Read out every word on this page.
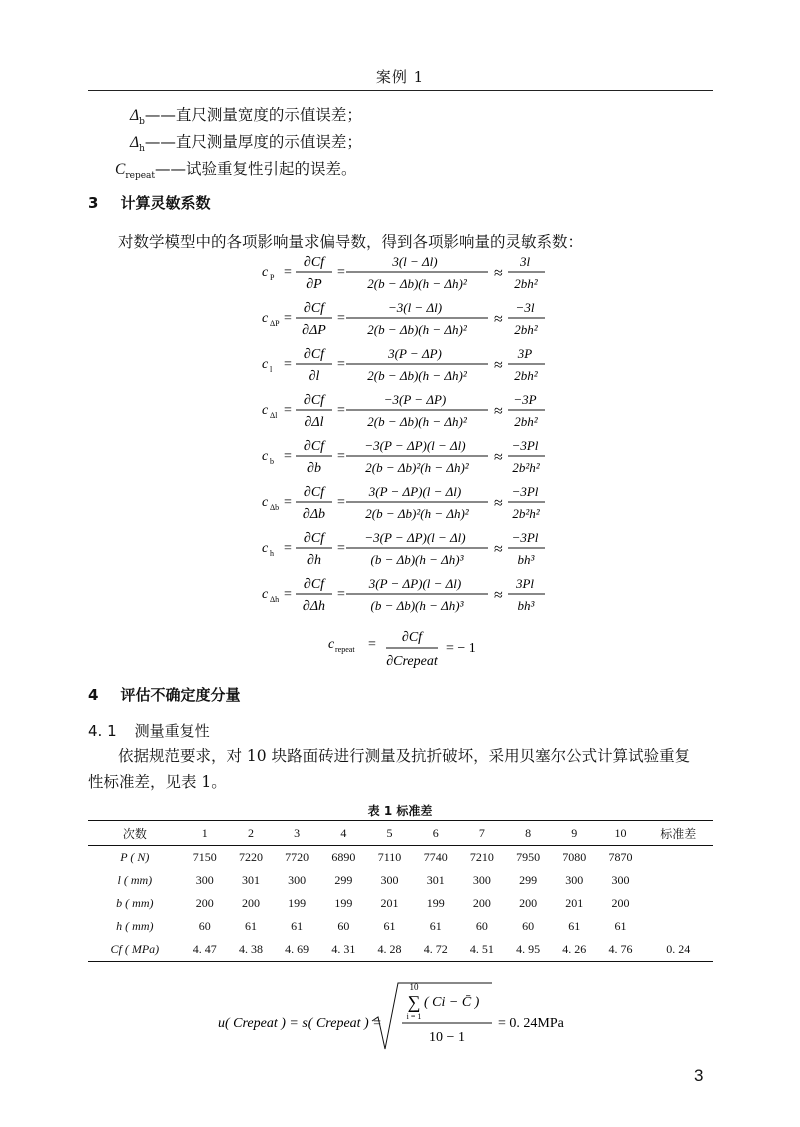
案例 1
$\Delta_b——$直尺测量宽度的示值误差；
$\Delta_h——$直尺测量厚度的示值误差；
$C_{repeat}——$试验重复性引起的误差。
3 计算灵敏系数
对数学模型中的各项影响量求偏导数，得到各项影响量的灵敏系数：
c P =
∂Cf
∂P
=
3(l − Δl)
2(b − Δb)(h − Δh)²
≈
3l
2bh²
c ΔP =
∂Cf
∂ΔP
=
−3(l − Δl)
2(b − Δb)(h − Δh)²
≈
−3l
2bh²
c l =
∂Cf
∂l
=
3(P − ΔP)
2(b − Δb)(h − Δh)²
≈
3P
2bh²
c Δl =
∂Cf
∂Δl
=
−3(P − ΔP)
2(b − Δb)(h − Δh)²
≈
−3P
2bh²
c b =
∂Cf
∂b
=
−3(P − ΔP)(l − Δl)
2(b − Δb)²(h − Δh)²
≈
−3Pl
2b²h²
c Δb =
∂Cf
∂Δb
=
3(P − ΔP)(l − Δl)
2(b − Δb)²(h − Δh)²
≈
−3Pl
2b²h²
c h =
∂Cf
∂h
=
−3(P − ΔP)(l − Δl)
(b − Δb)(h − Δh)³
≈
−3Pl
bh³
c Δh =
∂Cf
∂Δh
=
3(P − ΔP)(l − Δl)
(b − Δb)(h − Δh)³
≈
3Pl
bh³
c repeat = ∂Cf
∂Crepeat
= − 1
4 评估不确定度分量
4. 1 测量重复性
依据规范要求，对 10 块路面砖进行测量及抗折破坏，采用贝塞尔公式计算试验重复
性标准差，见表 1。
表 1 标准差
次数	1	2	3	4	5	6	7	8	9	10	标准差
P ( N)	7150	7220	7720	6890	7110	7740	7210	7950	7080	7870	
l ( mm)	300	301	300	299	300	301	300	299	300	300	
b ( mm)	200	200	199	199	201	199	200	200	201	200	
h ( mm)	60	61	61	60	61	61	60	60	61	61	
Cf ( MPa)	4. 47	4. 38	4. 69	4. 31	4. 28	4. 72	4. 51	4. 95	4. 26	4. 76	0. 24
u( Crepeat ) = s( Crepeat ) =
10
∑
i = 1
( Ci − C̄ )
10 − 1
= 0. 24MPa
3
